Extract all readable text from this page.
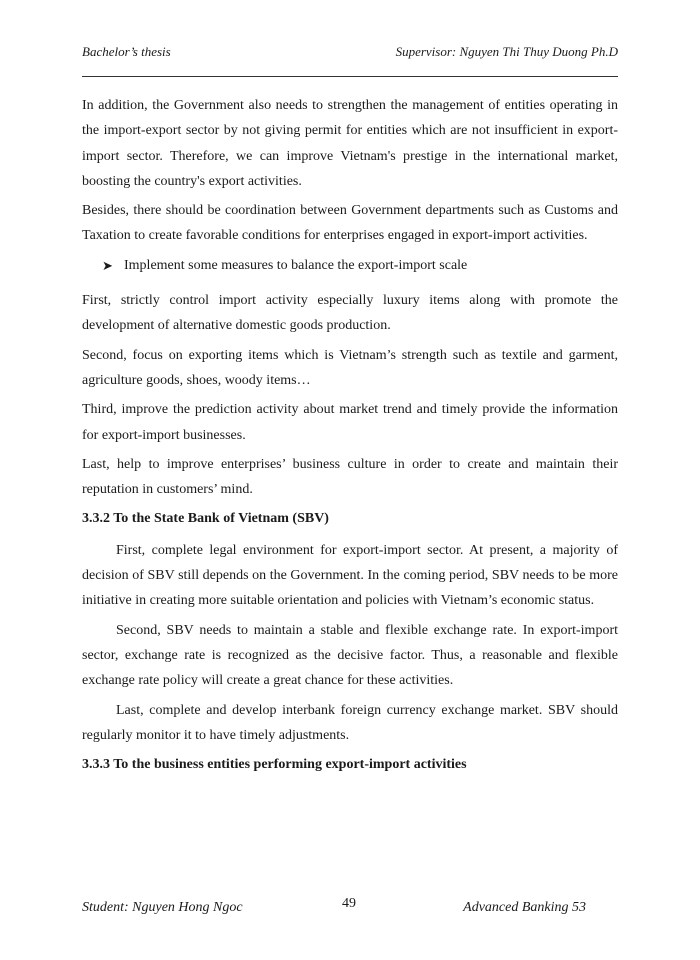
Bachelor’s thesis	Supervisor: Nguyen Thi Thuy Duong Ph.D

In addition, the Government also needs to strengthen the management of entities operating in the import-export sector by not giving permit for entities which are not insufficient in export-import sector. Therefore, we can improve Vietnam's prestige in the international market, boosting the country's export activities.

Besides, there should be coordination between Government departments such as Customs and Taxation to create favorable conditions for enterprises engaged in export-import activities.

➤ Implement some measures to balance the export-import scale

First, strictly control import activity especially luxury items along with promote the development of alternative domestic goods production.

Second, focus on exporting items which is Vietnam’s strength such as textile and garment, agriculture goods, shoes, woody items…

Third, improve the prediction activity about market trend and timely provide the information for export-import businesses.

Last, help to improve enterprises’ business culture in order to create and maintain their reputation in customers’ mind.

3.3.2 To the State Bank of Vietnam (SBV)

First, complete legal environment for export-import sector. At present, a majority of decision of SBV still depends on the Government. In the coming period, SBV needs to be more initiative in creating more suitable orientation and policies with Vietnam’s economic status.

Second, SBV needs to maintain a stable and flexible exchange rate. In export-import sector, exchange rate is recognized as the decisive factor. Thus, a reasonable and flexible exchange rate policy will create a great chance for these activities.

Last, complete and develop interbank foreign currency exchange market. SBV should regularly monitor it to have timely adjustments.

3.3.3 To the business entities performing export-import activities
Student: Nguyen Hong Ngoc	49	Advanced Banking 53
